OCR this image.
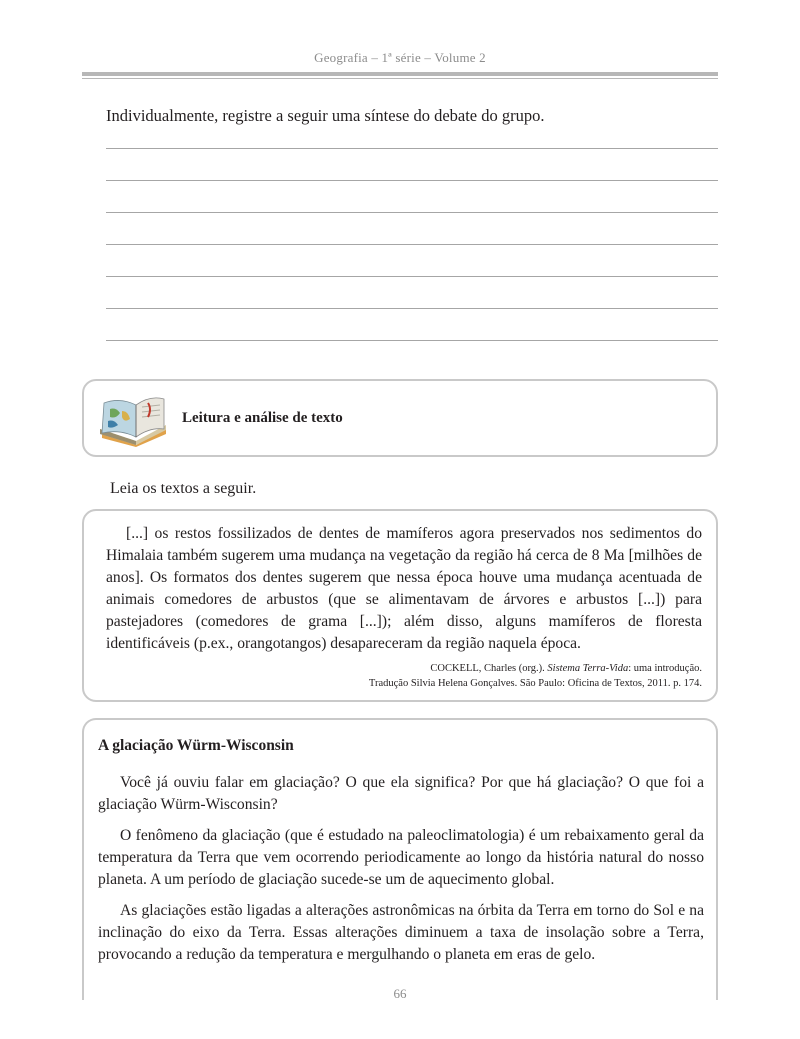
Geografia – 1ª série – Volume 2
Individualmente, registre a seguir uma síntese do debate do grupo.
Leitura e análise de texto
Leia os textos a seguir.

[...] os restos fossilizados de dentes de mamíferos agora preservados nos sedimentos do Himalaia também sugerem uma mudança na vegetação da região há cerca de 8 Ma [milhões de anos]. Os formatos dos dentes sugerem que nessa época houve uma mudança acentuada de animais comedores de arbustos (que se alimentavam de árvores e arbustos [...]) para pastejadores (comedores de grama [...]); além disso, alguns mamíferos de floresta identificáveis (p.ex., orangotangos) desapareceram da região naquela época.

COCKELL, Charles (org.). Sistema Terra-Vida: uma introdução.
Tradução Silvia Helena Gonçalves. São Paulo: Oficina de Textos, 2011. p. 174.
A glaciação Würm-Wisconsin

Você já ouviu falar em glaciação? O que ela significa? Por que há glaciação? O que foi a glaciação Würm-Wisconsin?

O fenômeno da glaciação (que é estudado na paleoclimatologia) é um rebaixamento geral da temperatura da Terra que vem ocorrendo periodicamente ao longo da história natural do nosso planeta. A um período de glaciação sucede-se um de aquecimento global.

As glaciações estão ligadas a alterações astronômicas na órbita da Terra em torno do Sol e na inclinação do eixo da Terra. Essas alterações diminuem a taxa de insolação sobre a Terra, provocando a redução da temperatura e mergulhando o planeta em eras de gelo.

66
